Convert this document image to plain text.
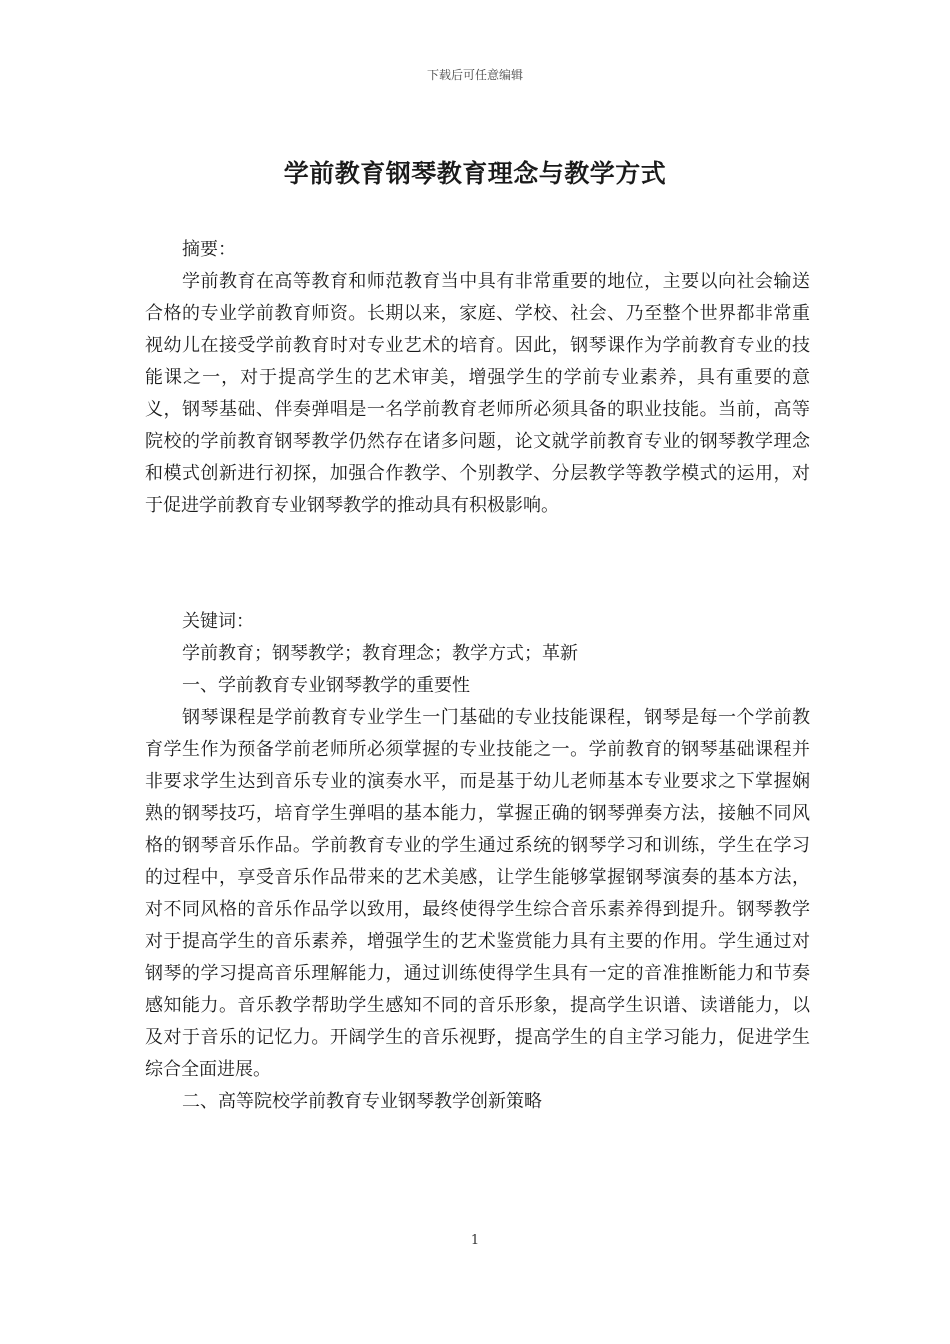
下载后可任意编辑
学前教育钢琴教育理念与教学方式

摘要：

学前教育在高等教育和师范教育当中具有非常重要的地位，主要以向社会输送合格的专业学前教育师资。长期以来，家庭、学校、社会、乃至整个世界都非常重视幼儿在接受学前教育时对专业艺术的培育。因此，钢琴课作为学前教育专业的技能课之一，对于提高学生的艺术审美，增强学生的学前专业素养，具有重要的意义，钢琴基础、伴奏弹唱是一名学前教育老师所必须具备的职业技能。当前，高等院校的学前教育钢琴教学仍然存在诸多问题，论文就学前教育专业的钢琴教学理念和模式创新进行初探，加强合作教学、个别教学、分层教学等教学模式的运用，对于促进学前教育专业钢琴教学的推动具有积极影响。

关键词：

学前教育；钢琴教学；教育理念；教学方式；革新

一、学前教育专业钢琴教学的重要性

钢琴课程是学前教育专业学生一门基础的专业技能课程，钢琴是每一个学前教育学生作为预备学前老师所必须掌握的专业技能之一。学前教育的钢琴基础课程并非要求学生达到音乐专业的演奏水平，而是基于幼儿老师基本专业要求之下掌握娴熟的钢琴技巧，培育学生弹唱的基本能力，掌握正确的钢琴弹奏方法，接触不同风格的钢琴音乐作品。学前教育专业的学生通过系统的钢琴学习和训练，学生在学习的过程中，享受音乐作品带来的艺术美感，让学生能够掌握钢琴演奏的基本方法，对不同风格的音乐作品学以致用，最终使得学生综合音乐素养得到提升。钢琴教学对于提高学生的音乐素养，增强学生的艺术鉴赏能力具有主要的作用。学生通过对钢琴的学习提高音乐理解能力，通过训练使得学生具有一定的音准推断能力和节奏感知能力。音乐教学帮助学生感知不同的音乐形象，提高学生识谱、读谱能力，以及对于音乐的记忆力。开阔学生的音乐视野，提高学生的自主学习能力，促进学生综合全面进展。

二、高等院校学前教育专业钢琴教学创新策略

1
